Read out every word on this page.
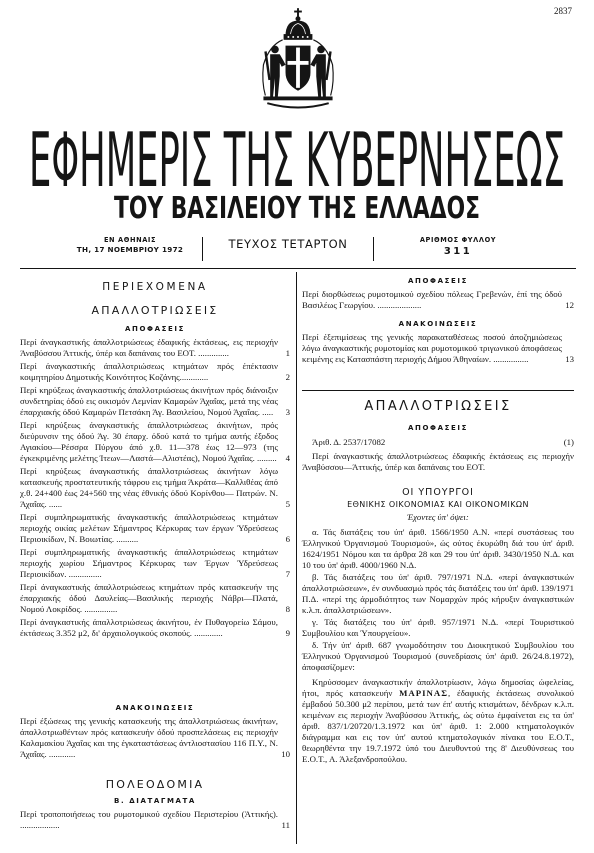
2837
ΕΦΗΜΕΡΙΣ ΤΗΣ ΚΥΒΕΡΝΗΣΕΩΣ
ΤΟΥ ΒΑΣΙΛΕΙΟΥ ΤΗΣ ΕΛΛΑΔΟΣ
ΕΝ ΑΘΗΝΑΙΣ
ΤΗ, 17 ΝΟΕΜΒΡΙΟΥ 1972	ΤΕΥΧΟΣ ΤΕΤΑΡΤΟΝ	ΑΡΙΘΜΟΣ ΦΥΛΛΟΥ
311
ΠΕΡΙΕΧΟΜΕΝΑ
ΑΠΑΛΛΟΤΡΙΩΣΕΙΣ
ΑΠΟΦΑΣΕΙΣ

Περί άναγκαστικής άπαλλοτριώσεως έδαφικής έκτάσεως, εις περιοχήν Άναβύσσου Άττικής, ύπέρ και δαπάναις του ΕΟΤ. ..............	1

Περί άναγκαστικής άπαλλοτριώσεως κτημάτων πρός έπέκτασιν κοιμητηρίου Δημοτικής Κοινότητος Κοζάνης.............	2

Περί κηρύξεως άναγκαστικής άπαλλοτριώσεως άκινήτων πρός διάνοιξιν συνδετηρίας όδού εις οικισμόν Λεμνίαν Καμαρών Άχαΐας, μετά της νέας έπαρχιακής όδού Καμαρών Πετσάκη Άγ. Βασιλείου, Νομού Άχαΐας. ..... 3

Περί κηρύξεως άναγκαστικής άπαλλοτριώσεως άκινήτων, πρός διεύρυνσιν της όδού Άγ. 30 έπαρχ. όδού κατά το τμήμα αυτής έξοδος Αγιακίου—Ρέσσρα Πύργου άπό χ.θ. 11—378 έως 12—973 (της έγκεκριμένης μελέτης Ίτεων—Λαστά—Αλιστέας), Νομού Άχαΐας. ......... 4

Περί κηρύξεως άναγκαστικής άπαλλοτριώσεως άκινήτων λόγω κατασκευής προστατευτικής τάφρου εις τμήμα Άκράτα—Καλλιθέας άπό χ.θ. 24+400 έως 24+560 της νέας έθνικής όδού Κορίνθου— Πατρών. Ν. Άχαΐας. ......	5

Περί συμπληρωματικής άναγκαστικής άπαλλοτριώσεως κτημάτων περιοχής οικίας μελέτων Σήμαντρος Κέρκυρας των έργων Ύδρεύσεως Περιοικίδων, Ν. Βοιωτίας. ..........	6

Περί συμπληρωματικής άναγκαστικής άπαλλοτριώσεως κτημάτων περιοχής χωρίου Σήμαντρος Κέρκυρας των Έργων Ύδρεύσεως Περιοικίδων. ...............	7

Περί άναγκαστικής άπαλλοτριώσεως κτημάτων πρός κατασκευήν της έπαρχιακής όδού Δαυλείας—Βασιλικής περιοχής Νάβρι—Πλατά, Νομού Λοκρίδος. ...............	8

Περί άναγκαστικής άπαλλοτριώσεως άκινήτου, έν Πυθαγορείω Σάμου, έκτάσεως 3.352 μ2, δι' άρχαιολογικούς σκοπούς. .............	9

ΑΝΑΚΟΙΝΩΣΕΙΣ

Περί έξώσεως της γενικής κατασκευής της άπαλλοτριώσεως άκινήτων, άπαλλοτριωθέντων πρός κατασκευήν όδού προσπελάσεως εις περιοχήν Καλαμακίου Άχαΐας και της έγκαταστάσεως άντλιοστασίου 116 Π.Υ., Ν. Άχαΐας. ............	10

ΠΟΛΕΟΔΟΜΙΑ
Β. ΔΙΑΤΑΓΜΑΤΑ

Περί τροποποιήσεως του ρυμοτομικού σχεδίου Περιστερίου (Άττικής). ..................	11

ΑΠΟΦΑΣΕΙΣ

Περί διορθώσεως ρυμοτομικού σχεδίου πόλεως Γρεβενών, έπί της όδού Βασιλέως Γεωργίου. ....................	12

ΑΝΑΚΟΙΝΩΣΕΙΣ

Περί έξεπιμίσεως της γενικής παρακαταθέσεως ποσού άποζημιώσεως λόγω άναγκαστικής ρυμοτομίας και ρυμοτομικού τριγωνικού άποφάσεως κειμένης εις Κατασπάστη περιοχής Δήμου Άθηναίων. ................	13

ΑΠΑΛΛΟΤΡΙΩΣΕΙΣ
ΑΠΟΦΑΣΕΙΣ
Άριθ. Δ. 2537/17082	(1)

Περί άναγκαστικής άπαλλοτριώσεως έδαφικής έκτάσεως εις περιοχήν Άναβύσσου—Άττικής, ύπέρ και δαπάναις του ΕΟΤ.

ΟΙ ΥΠΟΥΡΓΟΙ
ΕΘΝΙΚΗΣ ΟΙΚΟΝΟΜΙΑΣ ΚΑΙ ΟΙΚΟΝΟΜΙΚΩΝ
Έχοντες ύπ' όψει:

α. Τάς διατάξεις του ύπ' άριθ. 1566/1950 Α.Ν. «περί συστάσεως του Έλληνικού Όργανισμού Τουρισμού», ώς ούτος έκυρώθη διά του ύπ' άριθ. 1624/1951 Νόμου και τα άρθρα 28 και 29 του ύπ' άριθ. 3430/1950 Ν.Δ. και 10 του ύπ' άριθ. 4000/1960 Ν.Δ.

β. Τάς διατάξεις του ύπ' άριθ. 797/1971 Ν.Δ. «περί άναγκαστικών άπαλλοτριώσεων», έν συνδυασμώ πρός τάς διατάξεις του ύπ' άριθ. 139/1971 Π.Δ. «περί της άρμοδιότητος των Νομαρχών πρός κήρυξιν άναγκαστικών κ.λ.π. άπαλλοτριώσεων».

γ. Τάς διατάξεις του ύπ' άριθ. 957/1971 Ν.Δ. «περί Τουριστικού Συμβουλίου και Ύπουργείου».

δ. Τήν ύπ' άριθ. 687 γνωμοδότησιν του Διοικητικού Συμβουλίου του Έλληνικού Όργανισμού Τουρισμού (συνεδρίασις ύπ' άριθ. 26/24.8.1972), άποφασίζομεν:

Κηρύσσομεν άναγκαστικήν άπαλλοτρίωσιν, λόγω δημοσίας ώφελείας, ήτοι, πρός κατασκευήν ΜΑΡΙΝΑΣ, έδαφικής έκτάσεως συνολικού έμβαδού 50.300 μ2 περίπου, μετά των έπ' αυτής κτισμάτων, δένδρων κ.λ.π. κειμένων εις περιοχήν Άναβύσσου Άττικής, ώς ούτω έμφαίνεται εις τα ύπ' άριθ. 837/1/20720/1.3.1972 και ύπ' άριθ. 1: 2.000 κτηματολογικόν διάγραμμα και εις τον ύπ' αυτού κτηματολογικόν πίνακα του Ε.Ο.Τ., θεωρηθέντα την 19.7.1972 ύπό του Διευθυντού της 8' Διευθύνσεως του Ε.Ο.Τ., Α. Άλεξανδροπούλου.
